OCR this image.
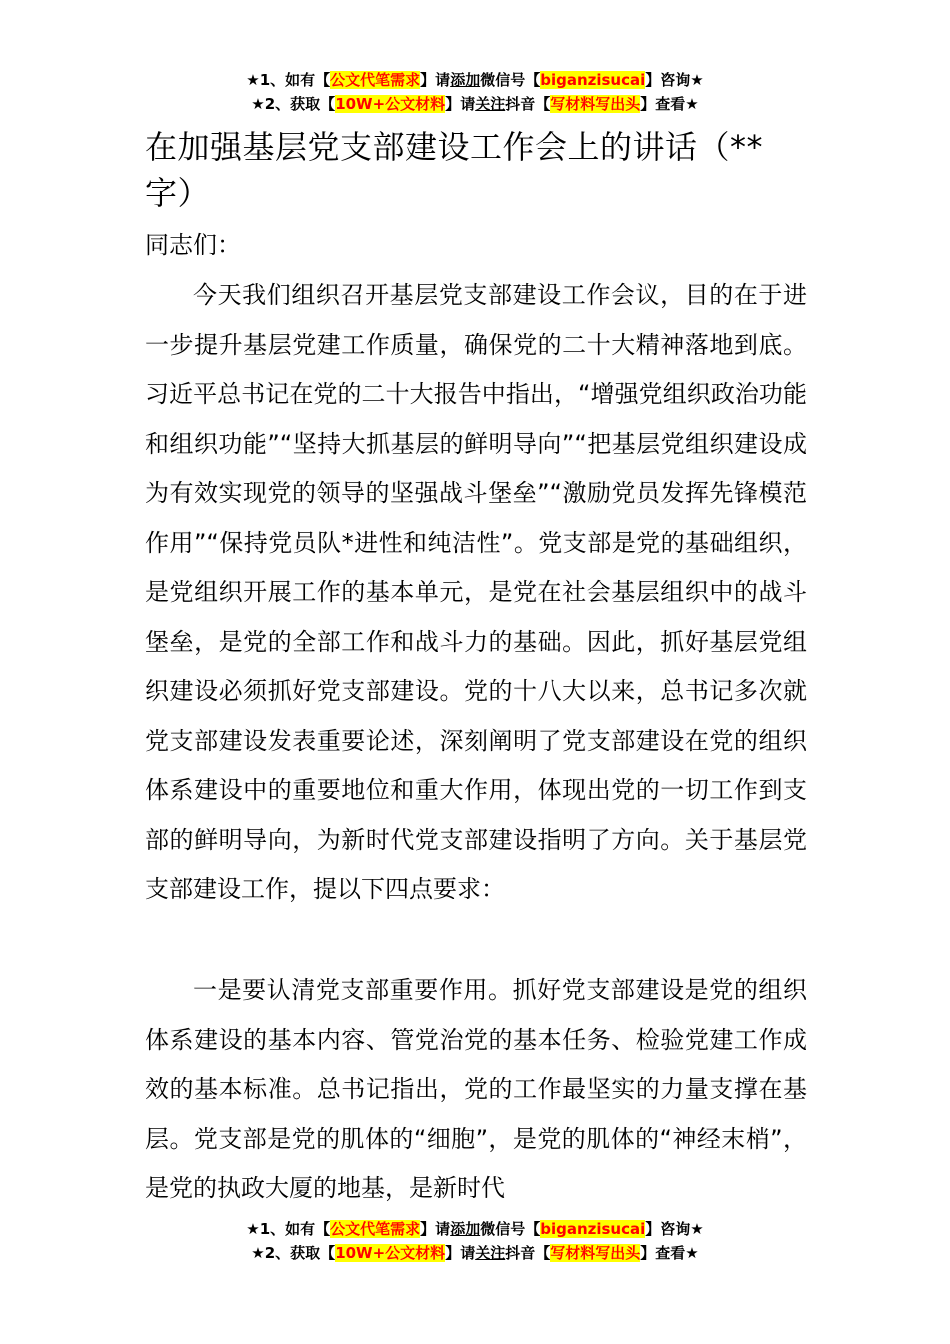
★1、如有【公文代笔需求】请添加微信号【biganzisucai】咨询★
★2、获取【10W+公文材料】请关注抖音【写材料写出头】查看★
在加强基层党支部建设工作会上的讲话（**字）
同志们：

今天我们组织召开基层党支部建设工作会议，目的在于进一步提升基层党建工作质量，确保党的二十大精神落地到底。习近平总书记在党的二十大报告中指出，“增强党组织政治功能和组织功能”“坚持大抓基层的鲜明导向”“把基层党组织建设成为有效实现党的领导的坚强战斗堡垒”“激励党员发挥先锋模范作用”“保持党员队*进性和纯洁性”。党支部是党的基础组织，是党组织开展工作的基本单元，是党在社会基层组织中的战斗堡垒，是党的全部工作和战斗力的基础。因此，抓好基层党组织建设必须抓好党支部建设。党的十八大以来，总书记多次就党支部建设发表重要论述，深刻阐明了党支部建设在党的组织体系建设中的重要地位和重大作用，体现出党的一切工作到支部的鲜明导向，为新时代党支部建设指明了方向。关于基层党支部建设工作，提以下四点要求：

一是要认清党支部重要作用。抓好党支部建设是党的组织体系建设的基本内容、管党治党的基本任务、检验党建工作成效的基本标准。总书记指出，党的工作最坚实的力量支撑在基层。党支部是党的肌体的“细胞”，是党的肌体的“神经末梢”，是党的执政大厦的地基，是新时代

★1、如有【公文代笔需求】请添加微信号【biganzisucai】咨询★
★2、获取【10W+公文材料】请关注抖音【写材料写出头】查看★
